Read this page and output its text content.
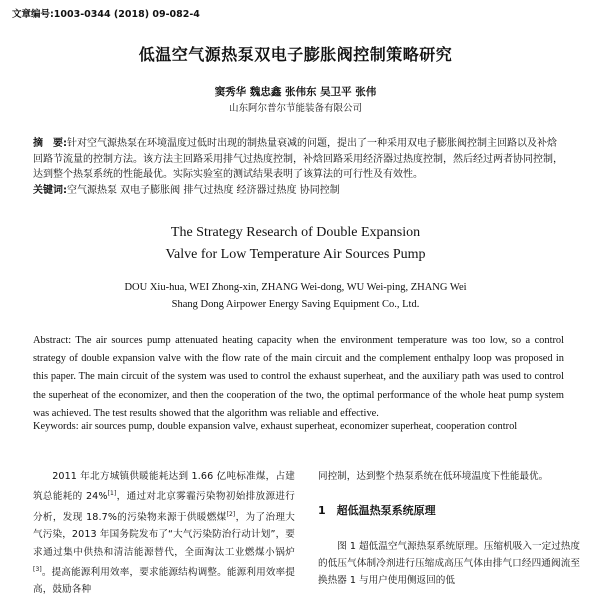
文章编号:1003-0344 (2018) 09-082-4
低温空气源热泵双电子膨胀阀控制策略研究
窦秀华 魏忠鑫 张伟东 吴卫平 张伟
山东阿尔普尔节能装备有限公司
摘　要:针对空气源热泵在环境温度过低时出现的制热量衰减的问题，提出了一种采用双电子膨胀阀控制主回路以及补焓回路节流量的控制方法。该方法主回路采用排气过热度控制，补焓回路采用经济器过热度控制，然后经过两者协同控制，达到整个热泵系统的性能最优。实际实验室的测试结果表明了该算法的可行性及有效性。
关键词:空气源热泵 双电子膨胀阀 排气过热度 经济器过热度 协同控制
The Strategy Research of Double Expansion
Valve for Low Temperature Air Sources Pump
DOU Xiu-hua, WEI Zhong-xin, ZHANG Wei-dong, WU Wei-ping, ZHANG Wei
Shang Dong Airpower Energy Saving Equipment Co., Ltd.
Abstract: The air sources pump attenuated heating capacity when the environment temperature was too low, so a control strategy of double expansion valve with the flow rate of the main circuit and the complement enthalpy loop was proposed in this paper. The main circuit of the system was used to control the exhaust superheat, and the auxiliary path was used to control the superheat of the economizer, and then the cooperation of the two, the optimal performance of the whole heat pump system was achieved. The test results showed that the algorithm was reliable and effective.
Keywords: air sources pump, double expansion valve, exhaust superheat, economizer superheat, cooperation control

2011 年北方城镇供暖能耗达到 1.66 亿吨标准煤，占建筑总能耗的 24%[1]，通过对北京雾霾污染物初始排放源进行分析，发现 18.7%的污染物来源于供暖燃煤[2]，为了治理大气污染，2013 年国务院发布了“大气污染防治行动计划”，要求通过集中供热和清洁能源替代，全面淘汰工业燃煤小锅炉[3]。提高能源利用效率，要求能源结构调整。能源利用效率提高，鼓励各种

同控制，达到整个热泵系统在低环境温度下性能最优。

1　超低温热泵系统原理

图 1 超低温空气源热泵系统原理。压缩机吸入一定过热度的低压气体制冷剂进行压缩成高压气体由排气口经四通阀流至换热器 1 与用户使用侧返回的低
